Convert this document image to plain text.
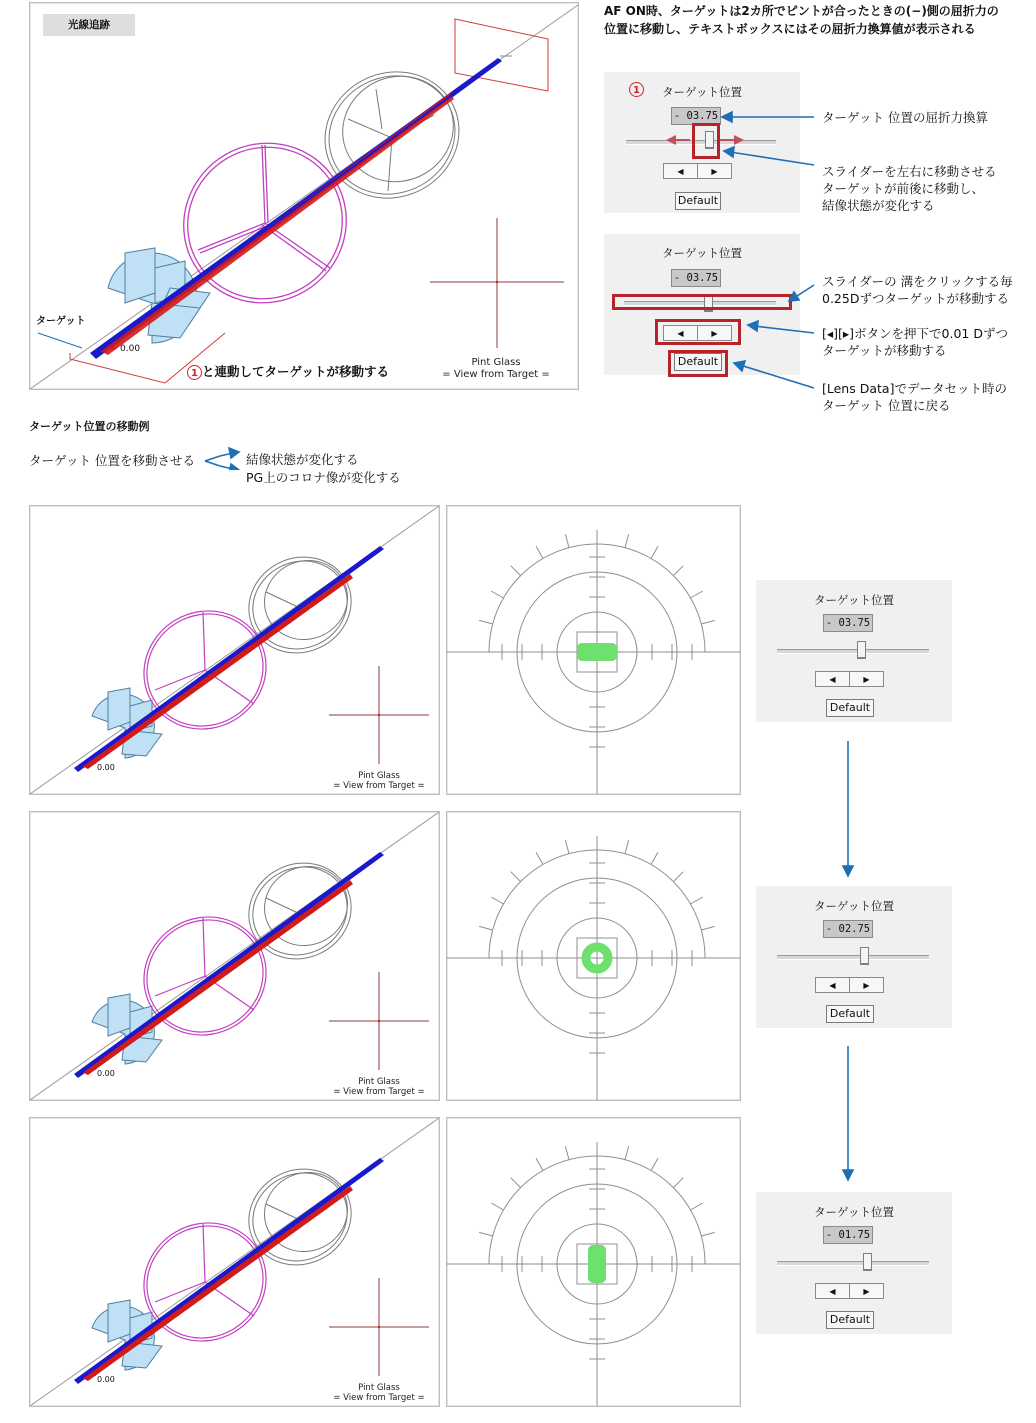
光線追跡
ターゲット
0.00
Pint Glass
= View from Target =
1 と連動してターゲットが移動する
AF ON時、ターゲットは2カ所でピントが合ったときの(−)側の屈折力の
位置に移動し、テキストボックスにはその屈折力換算値が表示される
1	ターゲット位置
- 03.75
◀	▶
Default
ターゲット位置
- 03.75
◀	▶
Default
ターゲット 位置の屈折力換算
スライダーを左右に移動させる
ターゲットが前後に移動し、
結像状態が変化する
スライダーの 溝をクリックする毎
0.25Dずつターゲットが移動する
[◂][▸]ボタンを押下で0.01 Dずつ
ターゲットが移動する
[Lens Data]でデータセット時の
ターゲット 位置に戻る
ターゲット位置の移動例
ターゲット 位置を移動させる	結像状態が変化する
PG上のコロナ像が変化する
0.00
Pint Glass
= View from Target =
ターゲット位置
- 03.75
◀	▶
Default
0.00
Pint Glass
= View from Target =
ターゲット位置
- 02.75
◀	▶
Default
0.00
Pint Glass
= View from Target =
ターゲット位置
- 01.75
◀	▶
Default
